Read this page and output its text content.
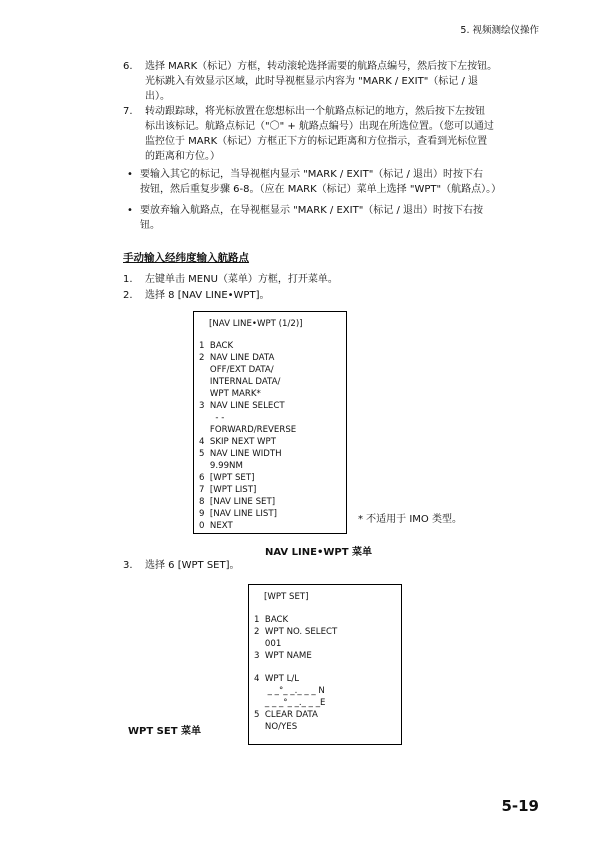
5. 视频测绘仪操作
6.	选择 MARK（标记）方框，转动滚轮选择需要的航路点编号，然后按下左按钮。
光标跳入有效显示区域，此时导视框显示内容为 "MARK / EXIT"（标记 / 退
出）。
7.	转动跟踪球，将光标放置在您想标出一个航路点标记的地方，然后按下左按钮
标出该标记。航路点标记（"〇" + 航路点编号）出现在所选位置。（您可以通过
监控位于 MARK（标记）方框正下方的标记距离和方位指示，查看到光标位置
的距离和方位。）
• 要输入其它的标记，当导视框内显示 "MARK / EXIT"（标记 / 退出）时按下右
按钮，然后重复步骤 6-8。（应在 MARK（标记）菜单上选择 "WPT"（航路点）。）
• 要放弃输入航路点，在导视框显示 "MARK / EXIT"（标记 / 退出）时按下右按
钮。
手动输入经纬度输入航路点
1.	左键单击 MENU（菜单）方框，打开菜单。
2.	选择 8 [NAV LINE•WPT]。
[NAV LINE•WPT (1/2)]
1  BACK
2  NAV LINE DATA
OFF/EXT DATA/
INTERNAL DATA/
WPT MARK*
3  NAV LINE SELECT
- -
FORWARD/REVERSE
4  SKIP NEXT WPT
5  NAV LINE WIDTH
9.99NM
6  [WPT SET]
7  [WPT LIST]
8  [NAV LINE SET]
9  [NAV LINE LIST]
0  NEXT
* 不适用于 IMO 类型。
NAV LINE•WPT 菜单
3.	选择 6 [WPT SET]。
[WPT SET]
1  BACK
2  WPT NO. SELECT
001
3  WPT NAME
4  WPT L/L
_ _°_ _._ _ _ N
_ _ _°_ _._ _ _E
5  CLEAR DATA
NO/YES
WPT SET 菜单
5-19
